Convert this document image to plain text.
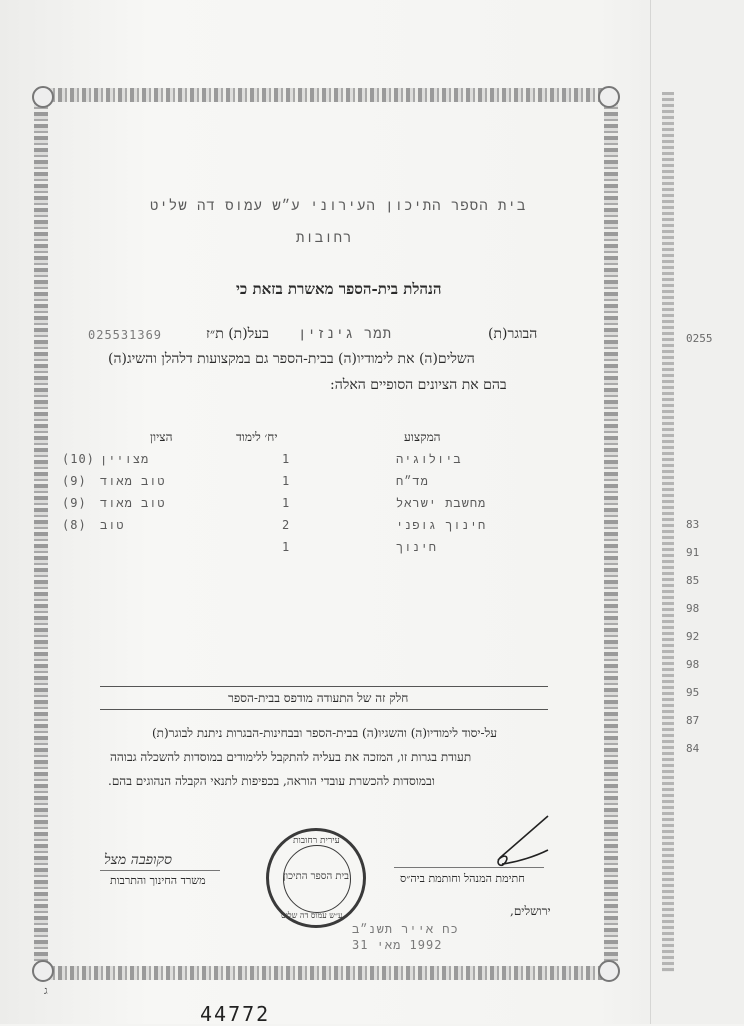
0255
83
91
85
98
92
98
95
87
84
בית הספר התיכון העירוני ע״ש עמוס דה שליט
רחובות
הנהלת בית-הספר מאשרת בזאת כי
הבוגר(ת)
תמר גינזין
בעל(ת) ת״ז
025531369
השלים(ה) את לימודיו(ה) בבית-הספר גם במקצועות דלהלן והשיג(ה)
בהם את הציונים הסופיים האלה:
המקצוע
יח׳ לימוד
הציון
ביולוגיה
1
מצויין
(10)
מד״ח
1
טוב מאוד
(9)
מחשבת ישראל
1
טוב מאוד
(9)
חינוך גופני
2
טוב
(8)
חינוך
1
חלק זה של התעודה מודפס בבית-הספר
על-יסוד לימודיו(ה) והשגיו(ה) בבית-הספר ובבחינות-הבגרות ניתנת לבוגר(ת)
תעודת בגרות זו, המזכה את בעליה להתקבל ללימודים במוסדות להשכלה גבוהה
ובמוסדות להכשרת עובדי הוראה, בכפיפות לתנאי הקבלה הנהוגים בהם.
סקופבה מצל
משרד החינוך והתרבות	חתימת המנהל וחותמת ביה״ס
עירית רחובות
בית הספר התיכון
ע״ש עמוס דה שליט	ירושלים,
כח אייר תשנ״ב
1992 מאי 31
ג
44772
